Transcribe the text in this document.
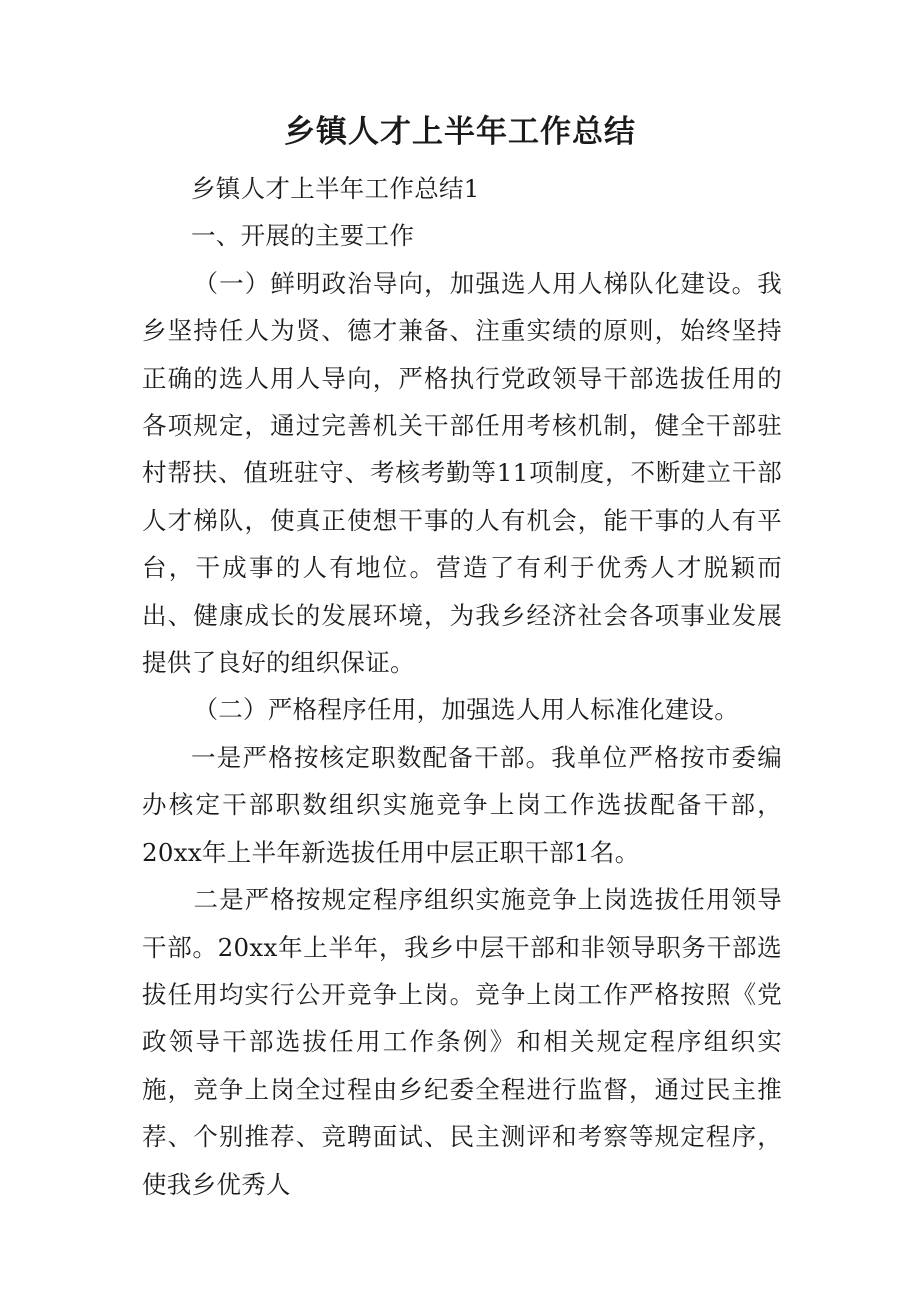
乡镇人才上半年工作总结

乡镇人才上半年工作总结1

一、开展的主要工作

（一）鲜明政治导向，加强选人用人梯队化建设。我乡坚持任人为贤、德才兼备、注重实绩的原则，始终坚持正确的选人用人导向，严格执行党政领导干部选拔任用的各项规定，通过完善机关干部任用考核机制，健全干部驻村帮扶、值班驻守、考核考勤等11项制度，不断建立干部人才梯队，使真正使想干事的人有机会，能干事的人有平台，干成事的人有地位。营造了有利于优秀人才脱颖而出、健康成长的发展环境，为我乡经济社会各项事业发展提供了良好的组织保证。

（二）严格程序任用，加强选人用人标准化建设。

一是严格按核定职数配备干部。我单位严格按市委编办核定干部职数组织实施竞争上岗工作选拔配备干部，20xx年上半年新选拔任用中层正职干部1名。

二是严格按规定程序组织实施竞争上岗选拔任用领导干部。20xx年上半年，我乡中层干部和非领导职务干部选拔任用均实行公开竞争上岗。竞争上岗工作严格按照《党政领导干部选拔任用工作条例》和相关规定程序组织实施，竞争上岗全过程由乡纪委全程进行监督，通过民主推荐、个别推荐、竞聘面试、民主测评和考察等规定程序，使我乡优秀人
